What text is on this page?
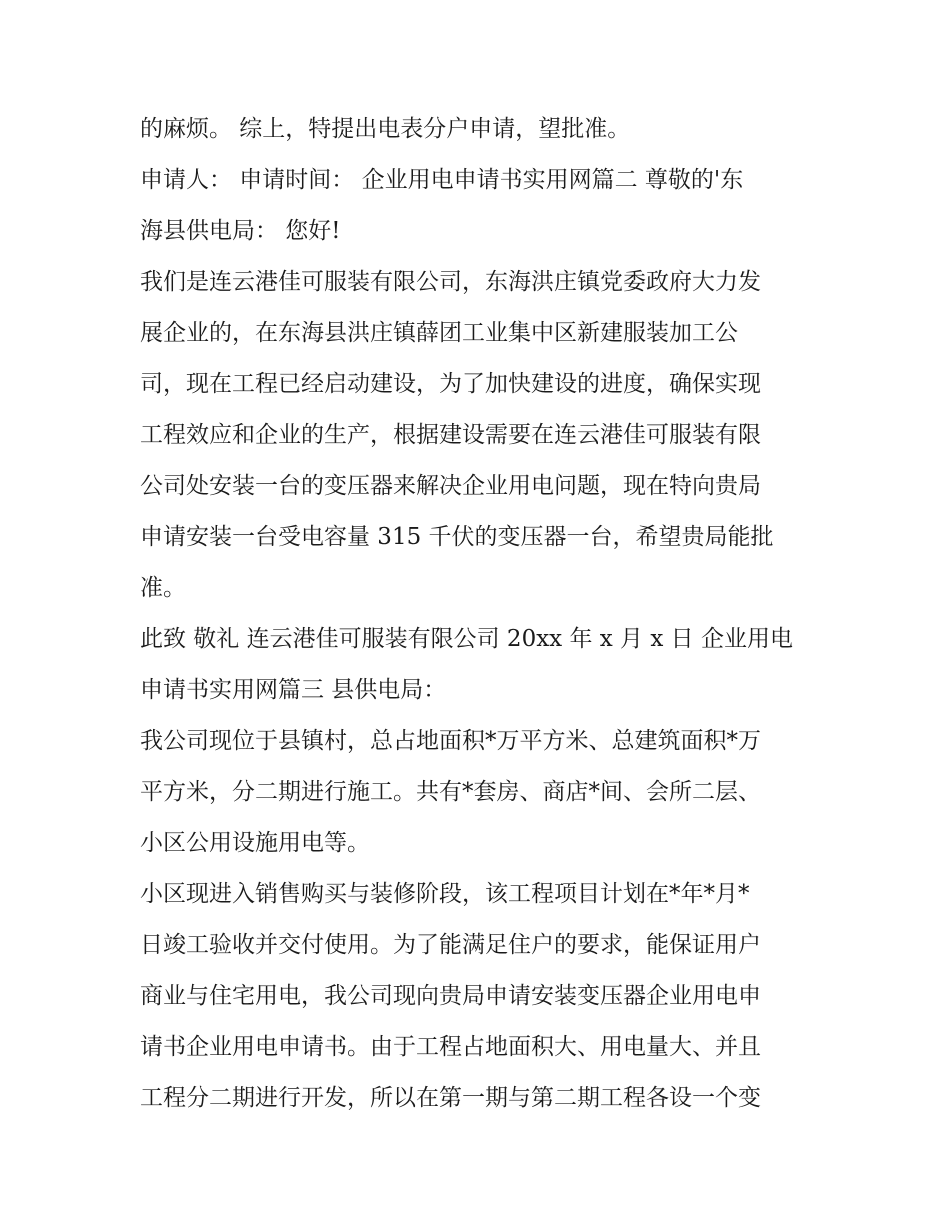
的麻烦。 综上，特提出电表分户申请，望批准。

申请人： 申请时间： 企业用电申请书实用网篇二 尊敬的'东
海县供电局： 您好!

我们是连云港佳可服装有限公司，东海洪庄镇党委政府大力发
展企业的，在东海县洪庄镇薛团工业集中区新建服装加工公
司，现在工程已经启动建设，为了加快建设的进度，确保实现
工程效应和企业的生产，根据建设需要在连云港佳可服装有限
公司处安装一台的变压器来解决企业用电问题，现在特向贵局
申请安装一台受电容量 315 千伏的变压器一台，希望贵局能批
准。

此致 敬礼 连云港佳可服装有限公司 20xx 年 x 月 x 日 企业用电
申请书实用网篇三 县供电局：

我公司现位于县镇村，总占地面积*万平方米、总建筑面积*万
平方米，分二期进行施工。共有*套房、商店*间、会所二层、
小区公用设施用电等。

小区现进入销售购买与装修阶段，该工程项目计划在*年*月*
日竣工验收并交付使用。为了能满足住户的要求，能保证用户
商业与住宅用电，我公司现向贵局申请安装变压器企业用电申
请书企业用电申请书。由于工程占地面积大、用电量大、并且
工程分二期进行开发，所以在第一期与第二期工程各设一个变
